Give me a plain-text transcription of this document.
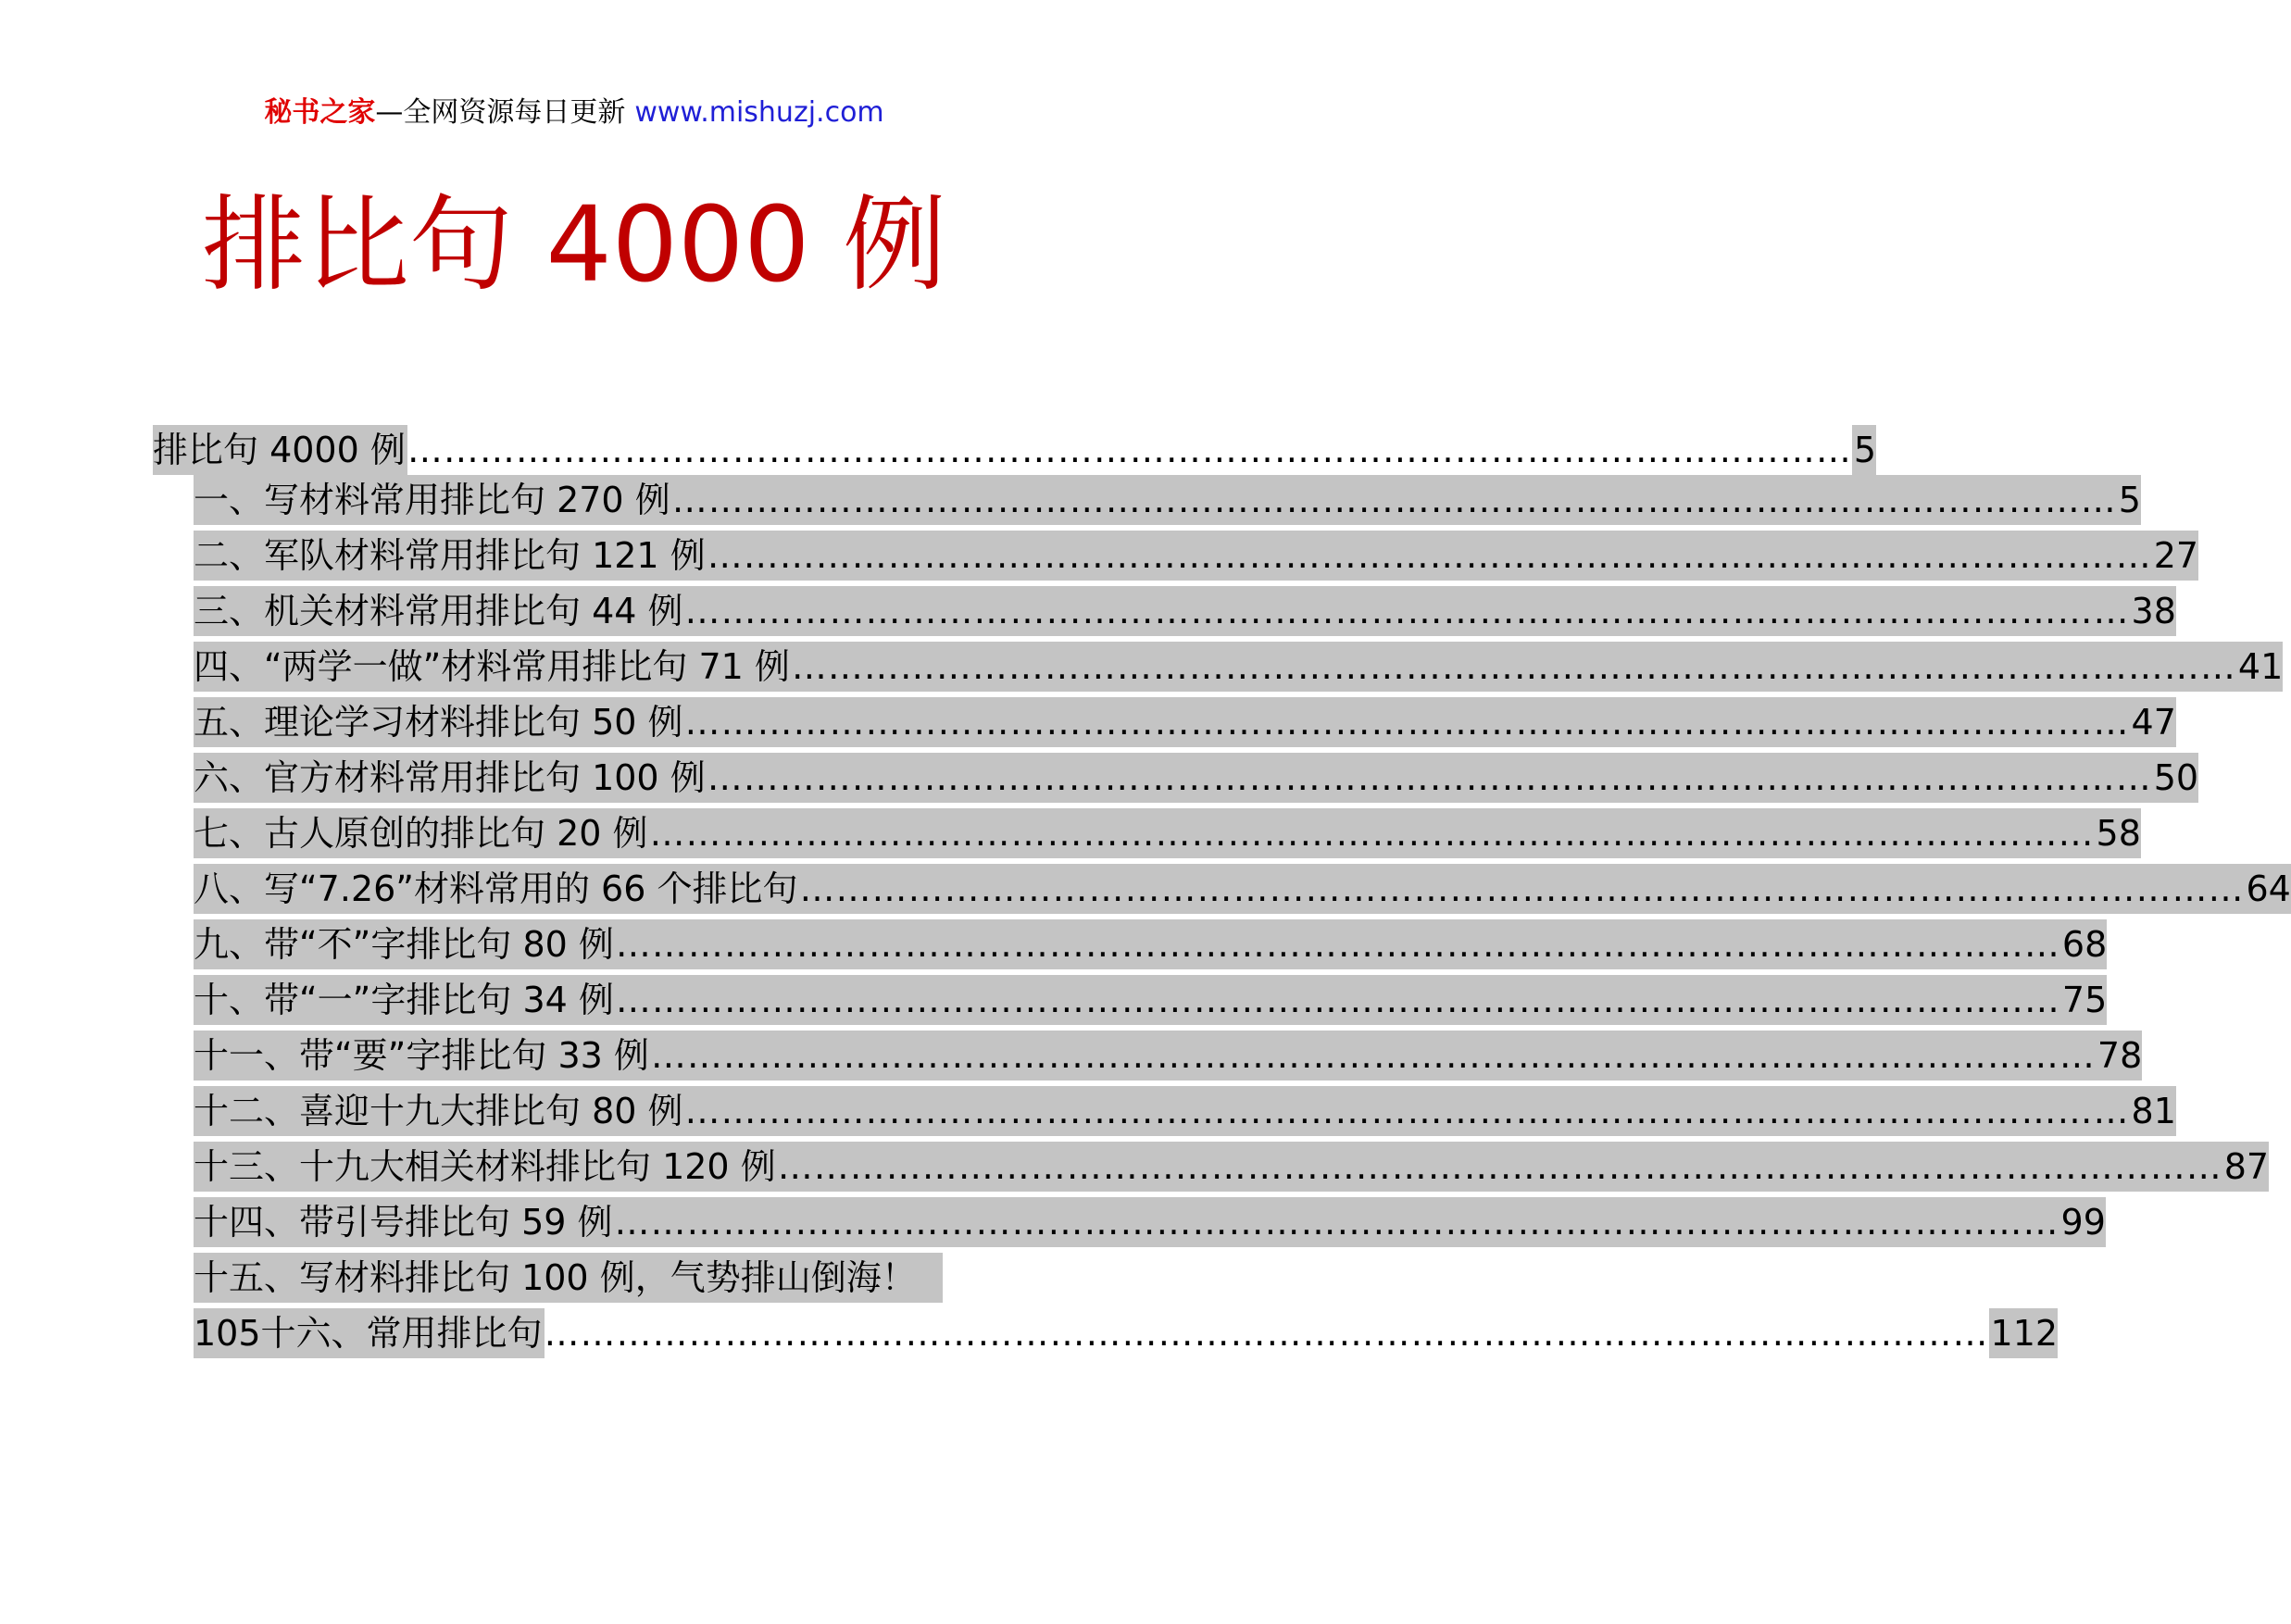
秘书之家—全网资源每日更新 www.mishuzj.com
排比句 4000 例
排比句 4000 例 ………………………………………………………………………………………………………… 5
一、写材料常用排比句 270 例 ………………………………………………………………………………………………………… 5
二、军队材料常用排比句 121 例 ………………………………………………………………………………………………………… 27
三、机关材料常用排比句 44 例 ………………………………………………………………………………………………………… 38
四、“两学一做”材料常用排比句 71 例 ………………………………………………………………………………………………………… 41
五、理论学习材料排比句 50 例 ………………………………………………………………………………………………………… 47
六、官方材料常用排比句 100 例 ………………………………………………………………………………………………………… 50
七、古人原创的排比句 20 例 ………………………………………………………………………………………………………… 58
八、写“7.26”材料常用的 66 个排比句 ………………………………………………………………………………………………………… 64
九、带“不”字排比句 80 例 ………………………………………………………………………………………………………… 68
十、带“一”字排比句 34 例 ………………………………………………………………………………………………………… 75
十一、带“要”字排比句 33 例 ………………………………………………………………………………………………………… 78
十二、喜迎十九大排比句 80 例 ………………………………………………………………………………………………………… 81
十三、十九大相关材料排比句 120 例 ………………………………………………………………………………………………………… 87
十四、带引号排比句 59 例 ………………………………………………………………………………………………………… 99
十五、写材料排比句 100 例，气势排山倒海！
105 十六、常用排比句 ………………………………………………………………………………………………………… 112
